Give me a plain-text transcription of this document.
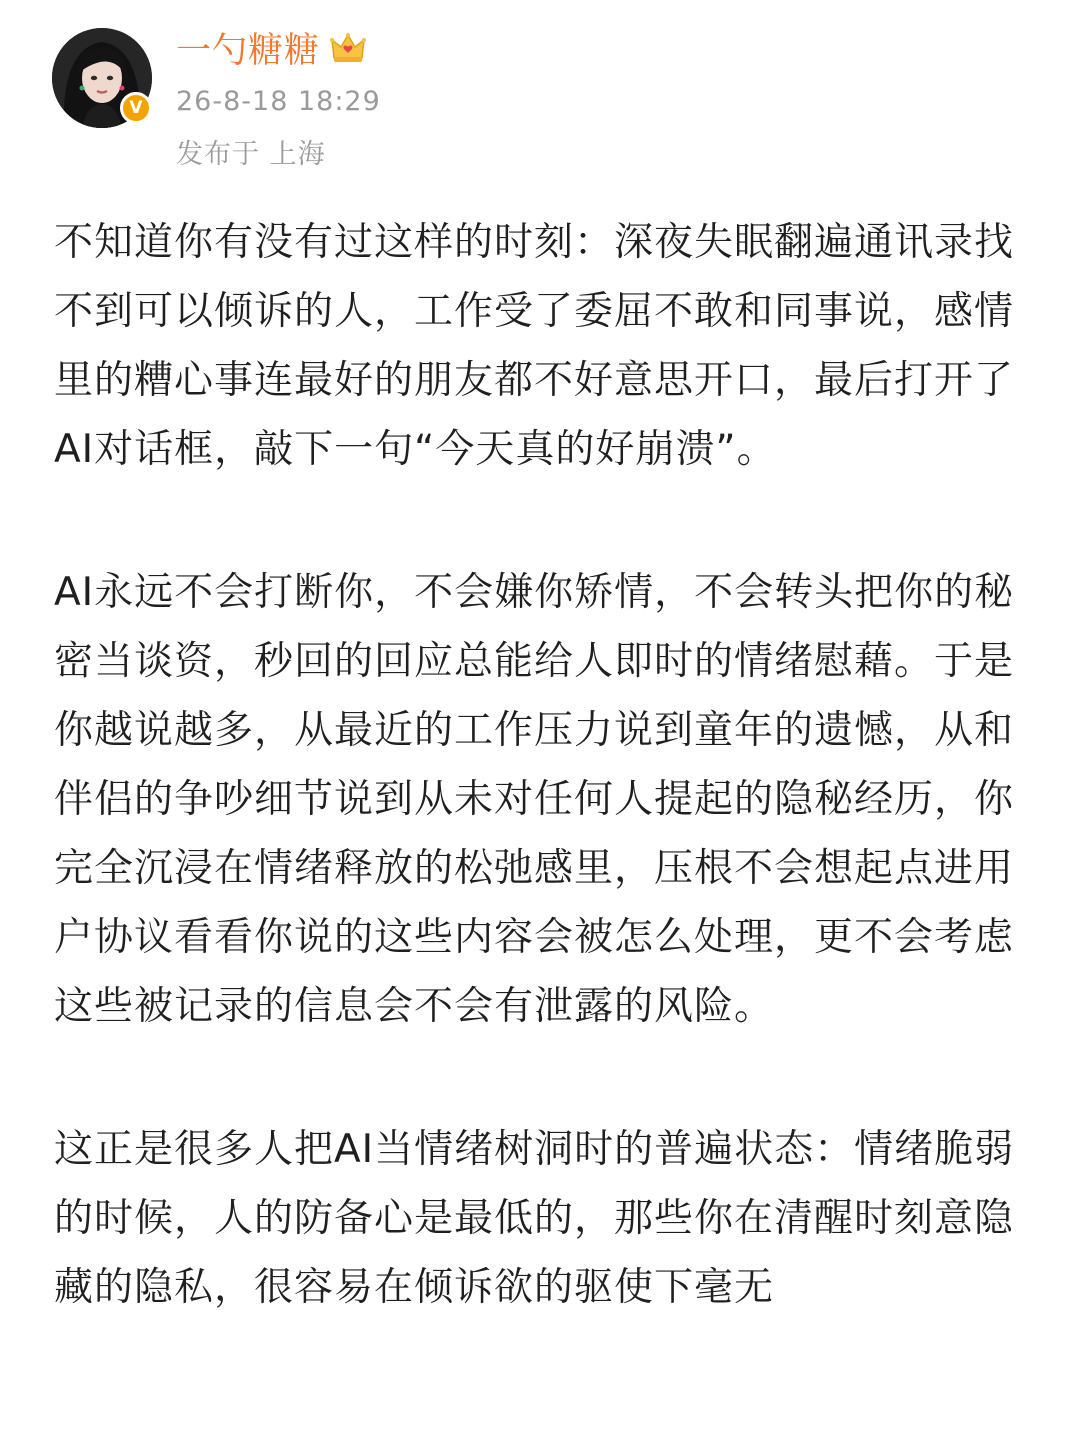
V
一勺糖糖
26-8-18 18:29
发布于 上海

不知道你有没有过这样的时刻：深夜失眠翻遍通讯录找不到可以倾诉的人，工作受了委屈不敢和同事说，感情里的糟心事连最好的朋友都不好意思开口，最后打开了AI对话框，敲下一句“今天真的好崩溃”。

AI永远不会打断你，不会嫌你矫情，不会转头把你的秘密当谈资，秒回的回应总能给人即时的情绪慰藉。于是你越说越多，从最近的工作压力说到童年的遗憾，从和伴侣的争吵细节说到从未对任何人提起的隐秘经历，你完全沉浸在情绪释放的松弛感里，压根不会想起点进用户协议看看你说的这些内容会被怎么处理，更不会考虑这些被记录的信息会不会有泄露的风险。

这正是很多人把AI当情绪树洞时的普遍状态：情绪脆弱的时候，人的防备心是最低的，那些你在清醒时刻意隐藏的隐私，很容易在倾诉欲的驱使下毫无
